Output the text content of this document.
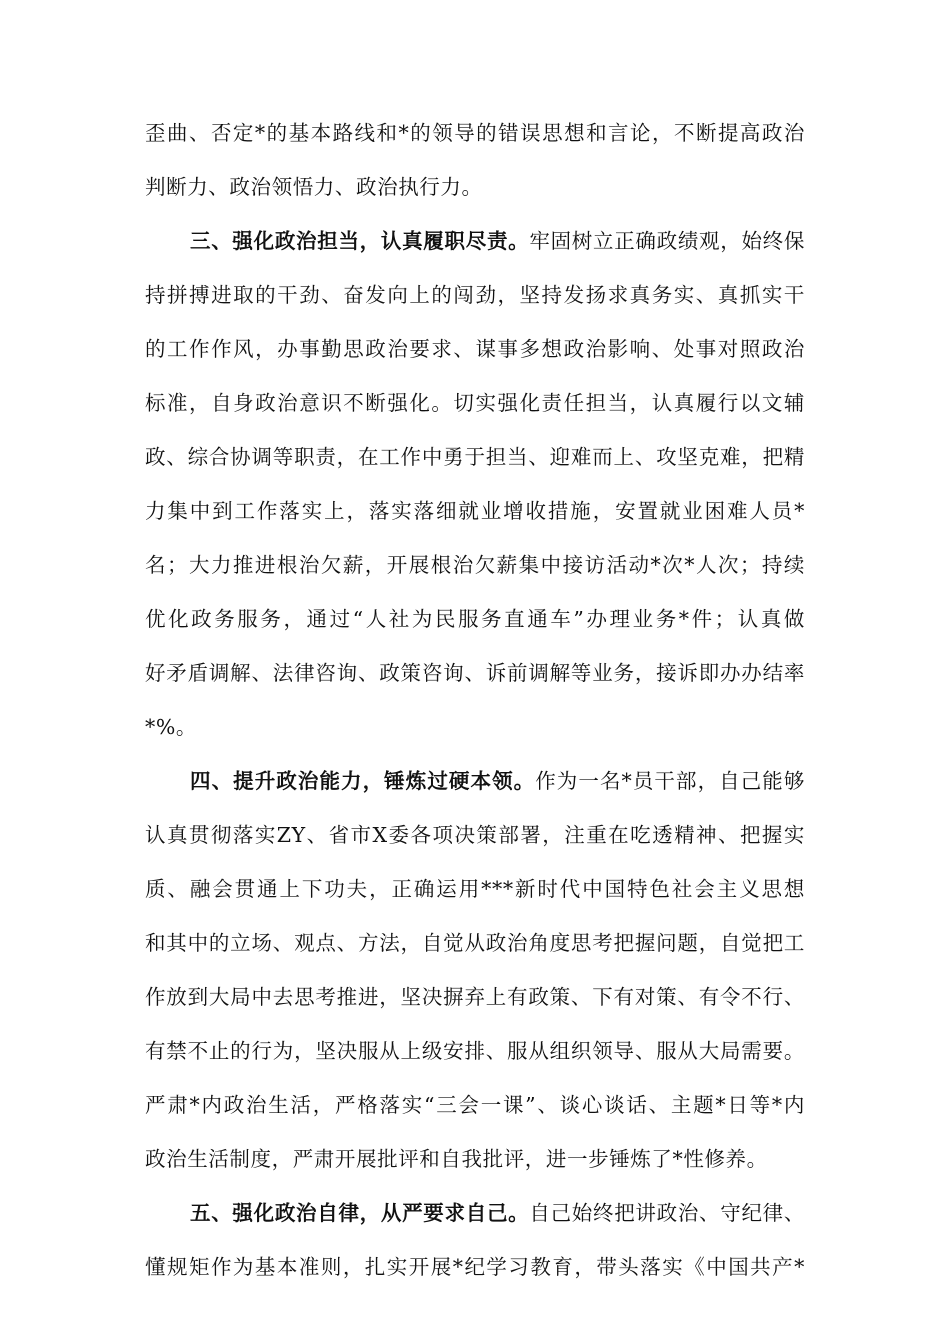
歪曲、否定*的基本路线和*的领导的错误思想和言论，不断提高政治
判断力、政治领悟力、政治执行力。
三、强化政治担当，认真履职尽责。牢固树立正确政绩观，始终保
持拼搏进取的干劲、奋发向上的闯劲，坚持发扬求真务实、真抓实干
的工作作风，办事勤思政治要求、谋事多想政治影响、处事对照政治
标准，自身政治意识不断强化。切实强化责任担当，认真履行以文辅
政、综合协调等职责，在工作中勇于担当、迎难而上、攻坚克难，把精
力集中到工作落实上，落实落细就业增收措施，安置就业困难人员*
名；大力推进根治欠薪，开展根治欠薪集中接访活动*次*人次；持续
优化政务服务，通过“人社为民服务直通车”办理业务*件；认真做
好矛盾调解、法律咨询、政策咨询、诉前调解等业务，接诉即办办结率
*%。
四、提升政治能力，锤炼过硬本领。作为一名*员干部，自己能够
认真贯彻落实ZY、省市X委各项决策部署，注重在吃透精神、把握实
质、融会贯通上下功夫，正确运用***新时代中国特色社会主义思想
和其中的立场、观点、方法，自觉从政治角度思考把握问题，自觉把工
作放到大局中去思考推进，坚决摒弃上有政策、下有对策、有令不行、
有禁不止的行为，坚决服从上级安排、服从组织领导、服从大局需要。
严肃*内政治生活，严格落实“三会一课”、谈心谈话、主题*日等*内
政治生活制度，严肃开展批评和自我批评，进一步锤炼了*性修养。
五、强化政治自律，从严要求自己。自己始终把讲政治、守纪律、
懂规矩作为基本准则，扎实开展*纪学习教育，带头落实《中国共产*
